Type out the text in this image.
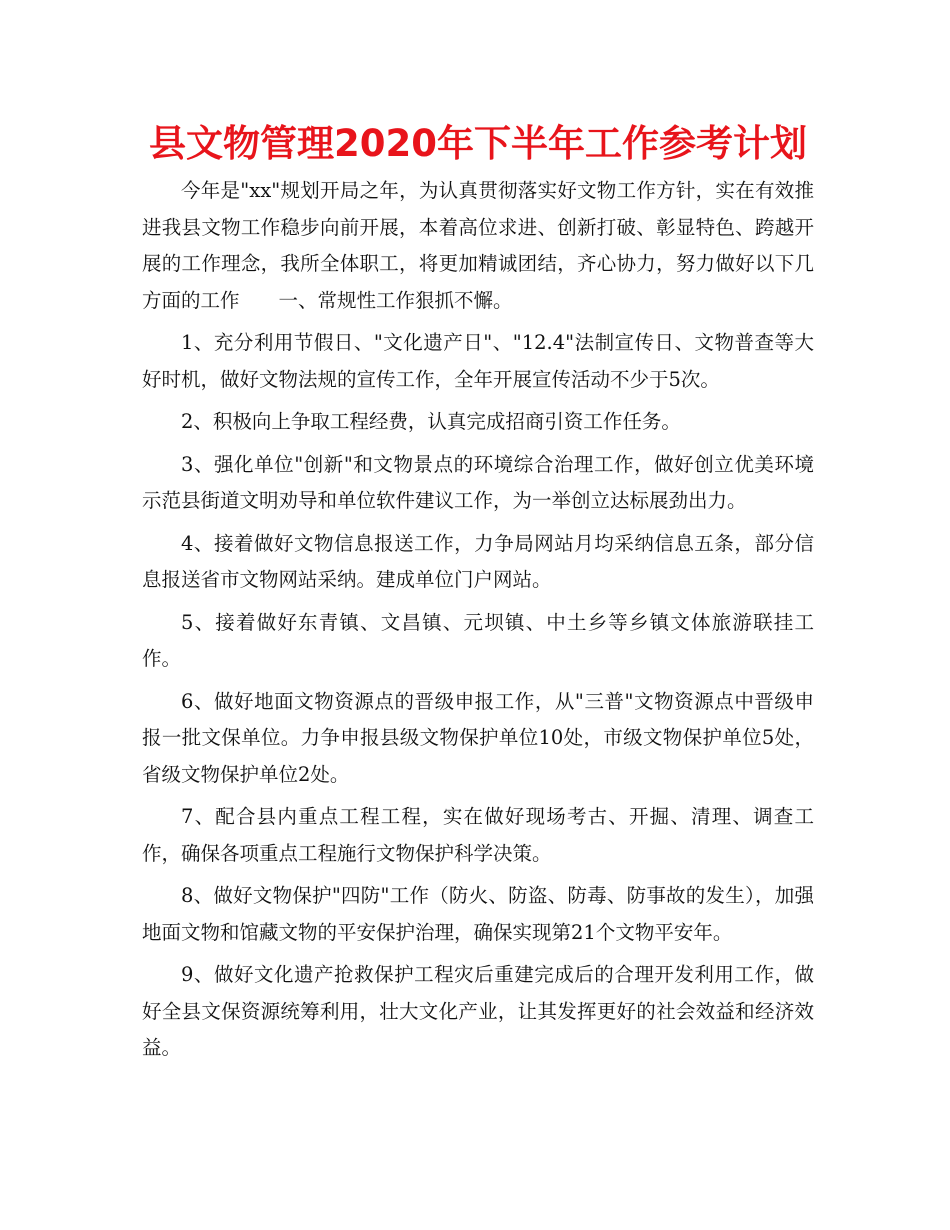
县文物管理2020年下半年工作参考计划

今年是"xx"规划开局之年，为认真贯彻落实好文物工作方针，实在有效推进我县文物工作稳步向前开展，本着高位求进、创新打破、彰显特色、跨越开展的工作理念，我所全体职工，将更加精诚团结，齐心协力，努力做好以下几方面的工作　　一、常规性工作狠抓不懈。

1、充分利用节假日、"文化遗产日"、"12.4"法制宣传日、文物普查等大好时机，做好文物法规的宣传工作，全年开展宣传活动不少于5次。

2、积极向上争取工程经费，认真完成招商引资工作任务。

3、强化单位"创新"和文物景点的环境综合治理工作，做好创立优美环境示范县街道文明劝导和单位软件建议工作，为一举创立达标展劲出力。

4、接着做好文物信息报送工作，力争局网站月均采纳信息五条，部分信息报送省市文物网站采纳。建成单位门户网站。

5、接着做好东青镇、文昌镇、元坝镇、中土乡等乡镇文体旅游联挂工作。

6、做好地面文物资源点的晋级申报工作，从"三普"文物资源点中晋级申报一批文保单位。力争申报县级文物保护单位10处，市级文物保护单位5处，省级文物保护单位2处。

7、配合县内重点工程工程，实在做好现场考古、开掘、清理、调查工作，确保各项重点工程施行文物保护科学决策。

8、做好文物保护"四防"工作（防火、防盗、防毒、防事故的发生），加强地面文物和馆藏文物的平安保护治理，确保实现第21个文物平安年。

9、做好文化遗产抢救保护工程灾后重建完成后的合理开发利用工作，做好全县文保资源统筹利用，壮大文化产业，让其发挥更好的社会效益和经济效益。
